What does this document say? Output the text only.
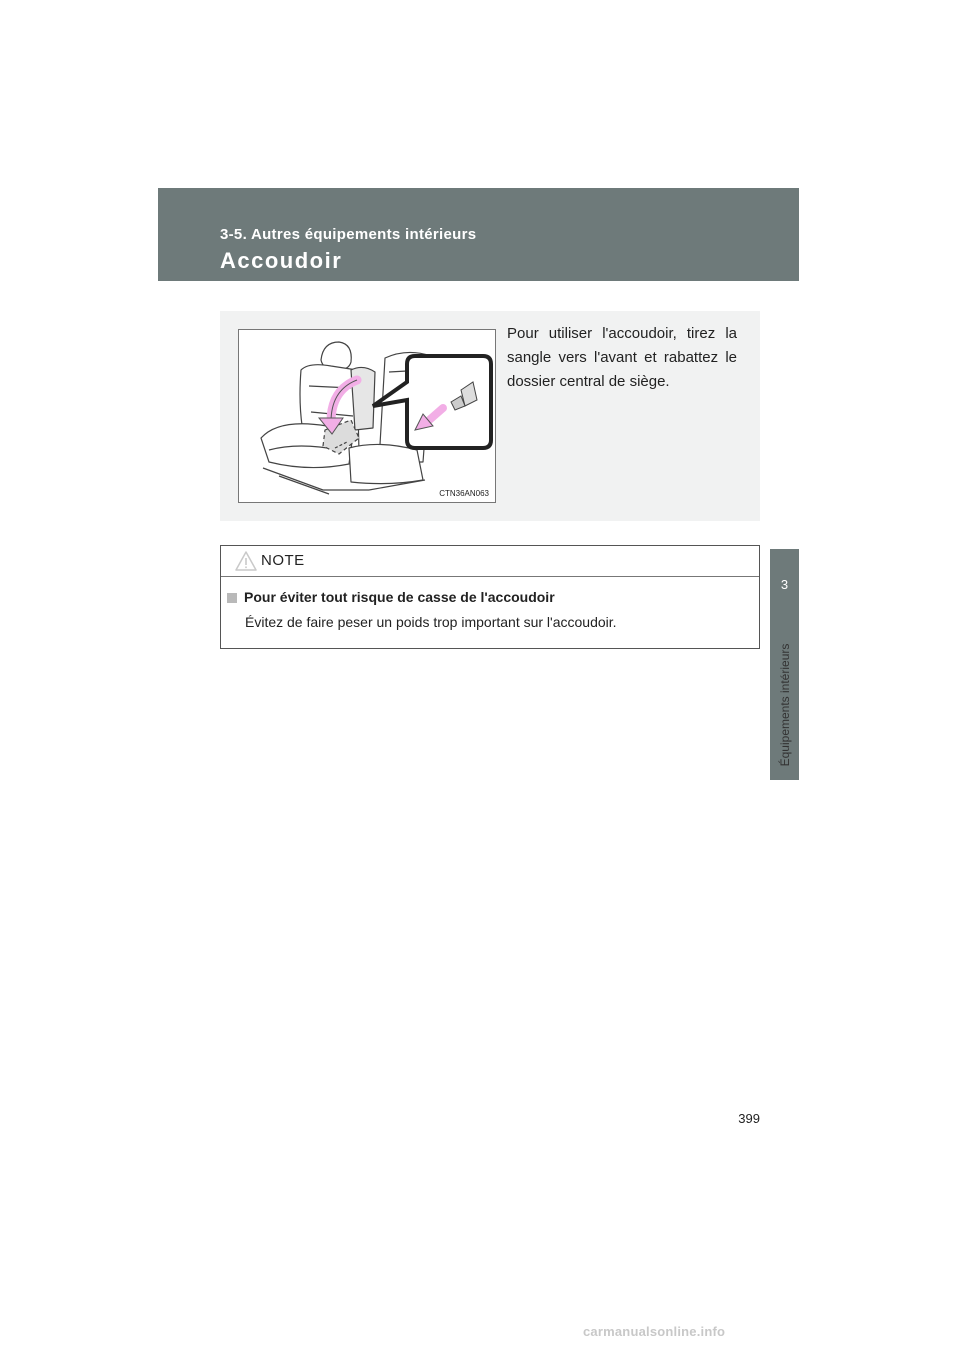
3-5. Autres équipements intérieurs
Accoudoir
3
Équipements intérieurs
CTN36AN063
Pour utiliser l'accoudoir, tirez la sangle vers l'avant et rabattez le dossier central de siège.
NOTE
Pour éviter tout risque de casse de l'accoudoir
Évitez de faire peser un poids trop important sur l'accoudoir.
399
carmanualsonline.info
